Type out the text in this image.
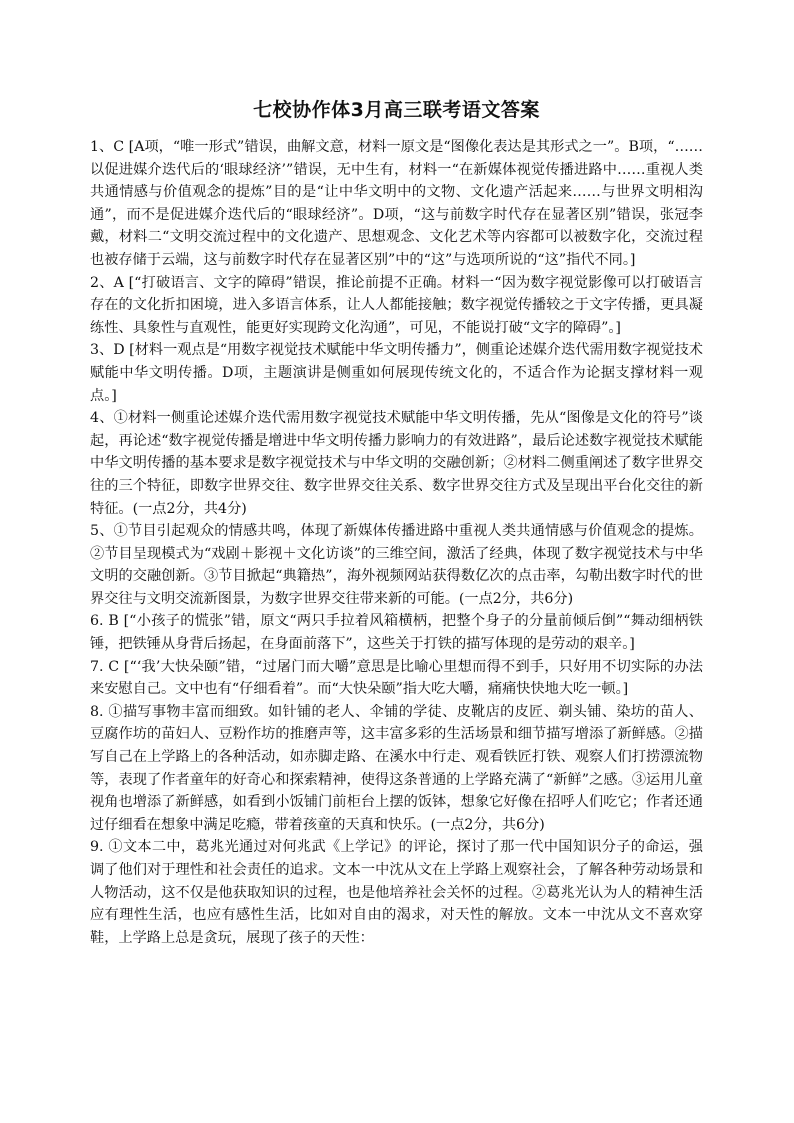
七校协作体3月高三联考语文答案

1、C [A项，“唯一形式”错误，曲解文意，材料一原文是“图像化表达是其形式之一”。B项，“……以促进媒介迭代后的‘眼球经济’”错误，无中生有，材料一“在新媒体视觉传播进路中……重视人类共通情感与价值观念的提炼”目的是“让中华文明中的文物、文化遗产活起来……与世界文明相沟通”，而不是促进媒介迭代后的“眼球经济”。D项，“这与前数字时代存在显著区别”错误，张冠李戴，材料二“文明交流过程中的文化遗产、思想观念、文化艺术等内容都可以被数字化，交流过程也被存储于云端，这与前数字时代存在显著区别”中的“这”与选项所说的“这”指代不同。]

2、A [“打破语言、文字的障碍”错误，推论前提不正确。材料一“因为数字视觉影像可以打破语言存在的文化折扣困境，进入多语言体系，让人人都能接触；数字视觉传播较之于文字传播，更具凝练性、具象性与直观性，能更好实现跨文化沟通”，可见，不能说打破“文字的障碍”。]

3、D [材料一观点是“用数字视觉技术赋能中华文明传播力”，侧重论述媒介迭代需用数字视觉技术赋能中华文明传播。D项，主题演讲是侧重如何展现传统文化的，不适合作为论据支撑材料一观点。]

4、①材料一侧重论述媒介迭代需用数字视觉技术赋能中华文明传播，先从“图像是文化的符号”谈起，再论述“数字视觉传播是增进中华文明传播力影响力的有效进路”，最后论述数字视觉技术赋能中华文明传播的基本要求是数字视觉技术与中华文明的交融创新；②材料二侧重阐述了数字世界交往的三个特征，即数字世界交往、数字世界交往关系、数字世界交往方式及呈现出平台化交往的新特征。(一点2分，共4分)

5、①节目引起观众的情感共鸣，体现了新媒体传播进路中重视人类共通情感与价值观念的提炼。②节目呈现模式为“戏剧＋影视＋文化访谈”的三维空间，激活了经典，体现了数字视觉技术与中华文明的交融创新。③节目掀起“典籍热”，海外视频网站获得数亿次的点击率，勾勒出数字时代的世界交往与文明交流新图景，为数字世界交往带来新的可能。(一点2分，共6分)

6. B [“小孩子的慌张”错，原文“两只手拉着风箱横柄，把整个身子的分量前倾后倒”“舞动细柄铁锤，把铁锤从身背后扬起，在身面前落下”，这些关于打铁的描写体现的是劳动的艰辛。]

7. C [“‘我’大快朵颐”错，“过屠门而大嚼”意思是比喻心里想而得不到手，只好用不切实际的办法来安慰自己。文中也有“仔细看着”。而“大快朵颐”指大吃大嚼，痛痛快快地大吃一顿。]

8. ①描写事物丰富而细致。如针铺的老人、伞铺的学徒、皮靴店的皮匠、剃头铺、染坊的苗人、豆腐作坊的苗妇人、豆粉作坊的推磨声等，这丰富多彩的生活场景和细节描写增添了新鲜感。②描写自己在上学路上的各种活动，如赤脚走路、在溪水中行走、观看铁匠打铁、观察人们打捞漂流物等，表现了作者童年的好奇心和探索精神，使得这条普通的上学路充满了“新鲜”之感。③运用儿童视角也增添了新鲜感，如看到小饭铺门前柜台上摆的饭钵，想象它好像在招呼人们吃它；作者还通过仔细看在想象中满足吃瘾，带着孩童的天真和快乐。(一点2分，共6分)

9. ①文本二中，葛兆光通过对何兆武《上学记》的评论，探讨了那一代中国知识分子的命运，强调了他们对于理性和社会责任的追求。文本一中沈从文在上学路上观察社会，了解各种劳动场景和人物活动，这不仅是他获取知识的过程，也是他培养社会关怀的过程。②葛兆光认为人的精神生活应有理性生活，也应有感性生活，比如对自由的渴求，对天性的解放。文本一中沈从文不喜欢穿鞋，上学路上总是贪玩，展现了孩子的天性：
